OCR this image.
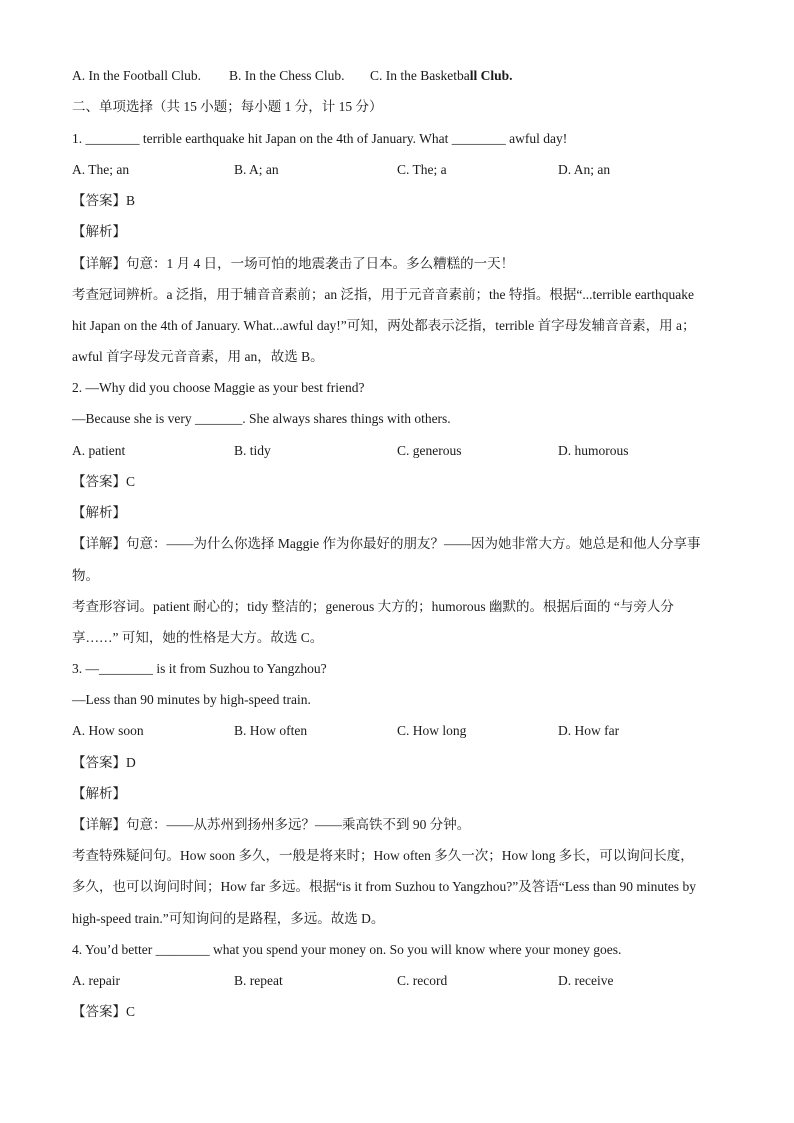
A. In the Football Club. B. In the Chess Club. C. In the Basketball Club.
二、单项选择（共 15 小题；每小题 1 分，计 15 分）
1. ________ terrible earthquake hit Japan on the 4th of January. What ________ awful day!
A. The; an	B. A; an	C. The; a	D. An; an
【答案】B
【解析】
【详解】句意：1 月 4 日，一场可怕的地震袭击了日本。多么糟糕的一天！
考查冠词辨析。a 泛指，用于辅音音素前；an 泛指，用于元音音素前；the 特指。根据“...terrible earthquake
hit Japan on the 4th of January. What...awful day!”可知，两处都表示泛指，terrible 首字母发辅音音素，用 a；
awful 首字母发元音音素，用 an，故选 B。
2. —Why did you choose Maggie as your best friend?
—Because she is very _______. She always shares things with others.
A. patient	B. tidy	C. generous	D. humorous
【答案】C
【解析】
【详解】句意：——为什么你选择 Maggie 作为你最好的朋友？——因为她非常大方。她总是和他人分享事
物。
考查形容词。patient 耐心的；tidy 整洁的；generous 大方的；humorous 幽默的。根据后面的 “与旁人分
享……” 可知，她的性格是大方。故选 C。
3. —________ is it from Suzhou to Yangzhou?
—Less than 90 minutes by high-speed train.
A. How soon	B. How often	C. How long	D. How far
【答案】D
【解析】
【详解】句意：——从苏州到扬州多远？——乘高铁不到 90 分钟。
考查特殊疑问句。How soon 多久，一般是将来时；How often 多久一次；How long 多长，可以询问长度，
多久，也可以询问时间；How far 多远。根据“is it from Suzhou to Yangzhou?”及答语“Less than 90 minutes by
high-speed train.”可知询问的是路程，多远。故选 D。
4. You’d better ________ what you spend your money on. So you will know where your money goes.
A. repair	B. repeat	C. record	D. receive
【答案】C
